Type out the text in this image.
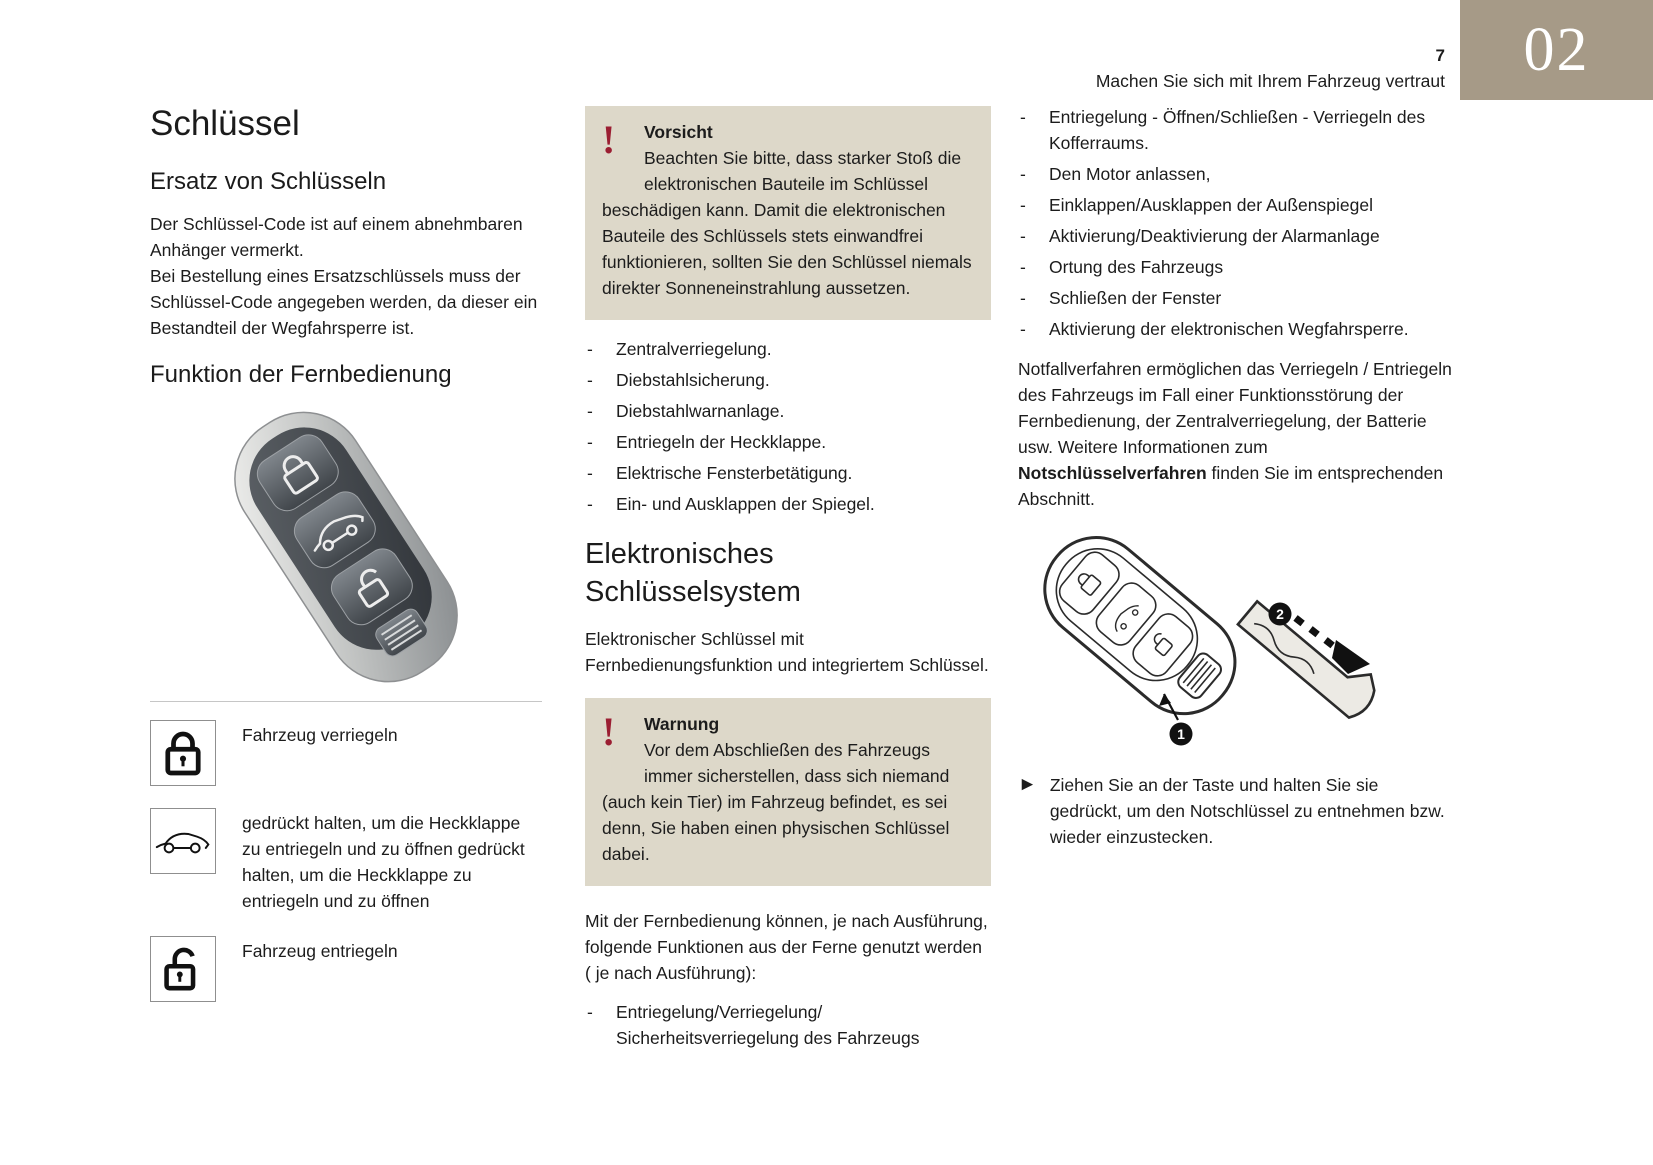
02
7
Machen Sie sich mit Ihrem Fahrzeug vertraut
Schlüssel
Ersatz von Schlüsseln
Der Schlüssel-Code ist auf einem abnehmbaren Anhänger vermerkt.
Bei Bestellung eines Ersatzschlüssels muss der Schlüssel-Code angegeben werden, da dieser ein Bestandteil der Wegfahrsperre ist.
Funktion der Fernbedienung
Fahrzeug verriegeln
gedrückt halten, um die Heckklappe zu entriegeln und zu öffnen gedrückt halten, um die Heckklappe zu entriegeln und zu öffnen
Fahrzeug entriegeln
!	Vorsicht
Beachten Sie bitte, dass starker Stoß die elektronischen Bauteile im Schlüssel beschädigen kann. Damit die elektronischen Bauteile des Schlüssels stets einwandfrei funktionieren, sollten Sie den Schlüssel niemals direkter Sonneneinstrahlung aussetzen.
- Zentralverriegelung.
- Diebstahlsicherung.
- Diebstahlwarnanlage.
- Entriegeln der Heckklappe.
- Elektrische Fensterbetätigung.
- Ein- und Ausklappen der Spiegel.
Elektronisches Schlüsselsystem

Elektronischer Schlüssel mit Fernbedienungsfunktion und integriertem Schlüssel.

!	Warnung
Vor dem Abschließen des Fahrzeugs immer sicherstellen, dass sich niemand (auch kein Tier) im Fahrzeug befindet, es sei denn, Sie haben einen physischen Schlüssel dabei.

Mit der Fernbedienung können, je nach Ausführung, folgende Funktionen aus der Ferne genutzt werden ( je nach Ausführung):

- Entriegelung/Verriegelung/ Sicherheitsverriegelung des Fahrzeugs
- Entriegelung - Öffnen/Schließen - Verriegeln des Kofferraums.
- Den Motor anlassen,
- Einklappen/Ausklappen der Außenspiegel
- Aktivierung/Deaktivierung der Alarmanlage
- Ortung des Fahrzeugs
- Schließen der Fenster
- Aktivierung der elektronischen Wegfahrsperre.

Notfallverfahren ermöglichen das Verriegeln / Entriegeln des Fahrzeugs im Fall einer Funktionsstörung der Fernbedienung, der Zentralverriegelung, der Batterie usw. Weitere Informationen zum Notschlüsselverfahren finden Sie im entsprechenden Abschnitt.

1
2
► Ziehen Sie an der Taste und halten Sie sie gedrückt, um den Notschlüssel zu entnehmen bzw. wieder einzustecken.
